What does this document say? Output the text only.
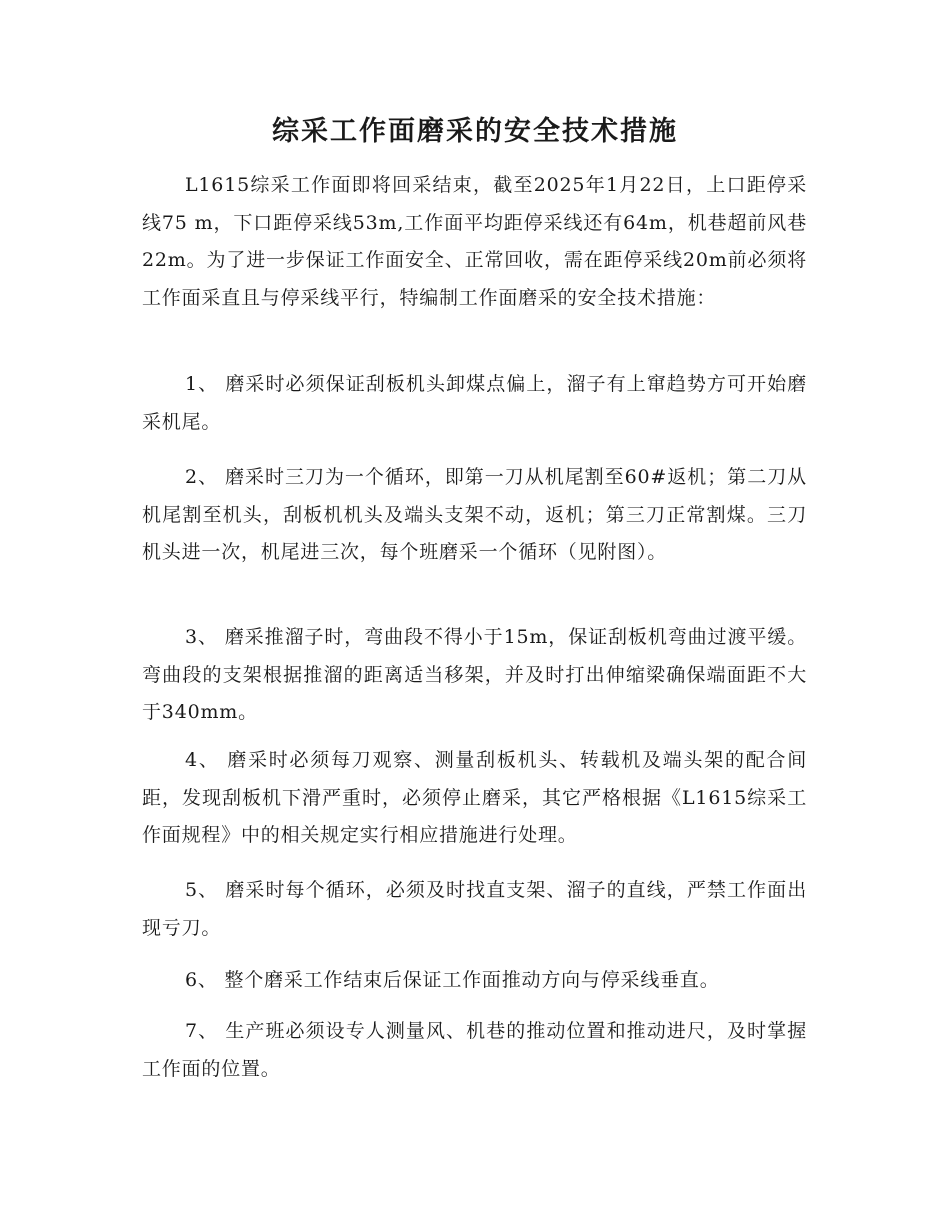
综采工作面磨采的安全技术措施

L1615综采工作面即将回采结束，截至2025年1月22日，上口距停采线75 m，下口距停采线53m,工作面平均距停采线还有64m，机巷超前风巷22m。为了进一步保证工作面安全、正常回收，需在距停采线20m前必须将工作面采直且与停采线平行，特编制工作面磨采的安全技术措施：

1、 磨采时必须保证刮板机头卸煤点偏上，溜子有上窜趋势方可开始磨采机尾。

2、 磨采时三刀为一个循环，即第一刀从机尾割至60#返机；第二刀从机尾割至机头，刮板机机头及端头支架不动，返机；第三刀正常割煤。三刀机头进一次，机尾进三次，每个班磨采一个循环（见附图）。

3、 磨采推溜子时，弯曲段不得小于15m，保证刮板机弯曲过渡平缓。弯曲段的支架根据推溜的距离适当移架，并及时打出伸缩梁确保端面距不大于340mm。

4、 磨采时必须每刀观察、测量刮板机头、转载机及端头架的配合间距，发现刮板机下滑严重时，必须停止磨采，其它严格根据《L1615综采工作面规程》中的相关规定实行相应措施进行处理。

5、 磨采时每个循环，必须及时找直支架、溜子的直线，严禁工作面出现亏刀。

6、 整个磨采工作结束后保证工作面推动方向与停采线垂直。

7、 生产班必须设专人测量风、机巷的推动位置和推动进尺，及时掌握工作面的位置。
